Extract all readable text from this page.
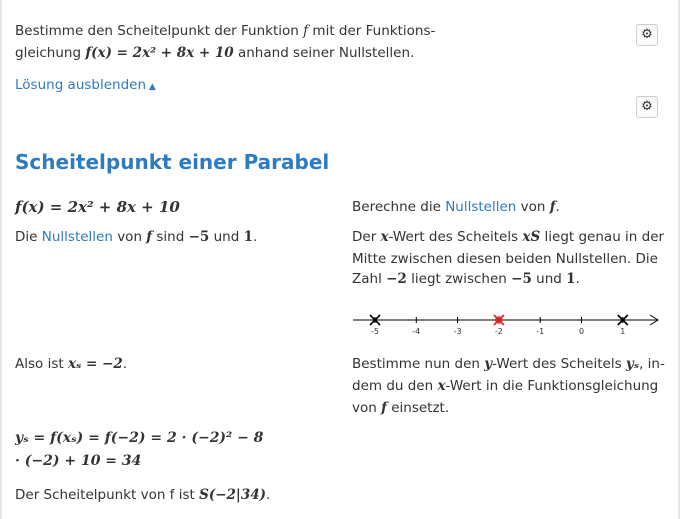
Bestimme den Scheitelpunkt der Funktion f mit der Funktions-
gleichung f(x) = 2x² + 8x + 10 anhand seiner Nullstellen.
⚙
Lösung ausblenden ▲
⚙
Scheitelpunkt einer Parabel
f(x) = 2x² + 8x + 10	Berechne die Nullstellen von f.
Die Nullstellen von f sind −5 und 1.	Der x-Wert des Scheitels xS liegt genau in der
Mitte zwischen diesen beiden Nullstellen. Die
Zahl −2 liegt zwischen −5 und 1.
-5	-4	-3	-2	-1	0	1
Also ist xₛ = −2.	Bestimme nun den y-Wert des Scheitels yₛ, in-
dem du den x-Wert in die Funktionsgleichung
von f einsetzt.
yₛ = f(xₛ) = f(−2) = 2 · (−2)² − 8
· (−2) + 10 = 34
Der Scheitelpunkt von f ist S(−2|34).
